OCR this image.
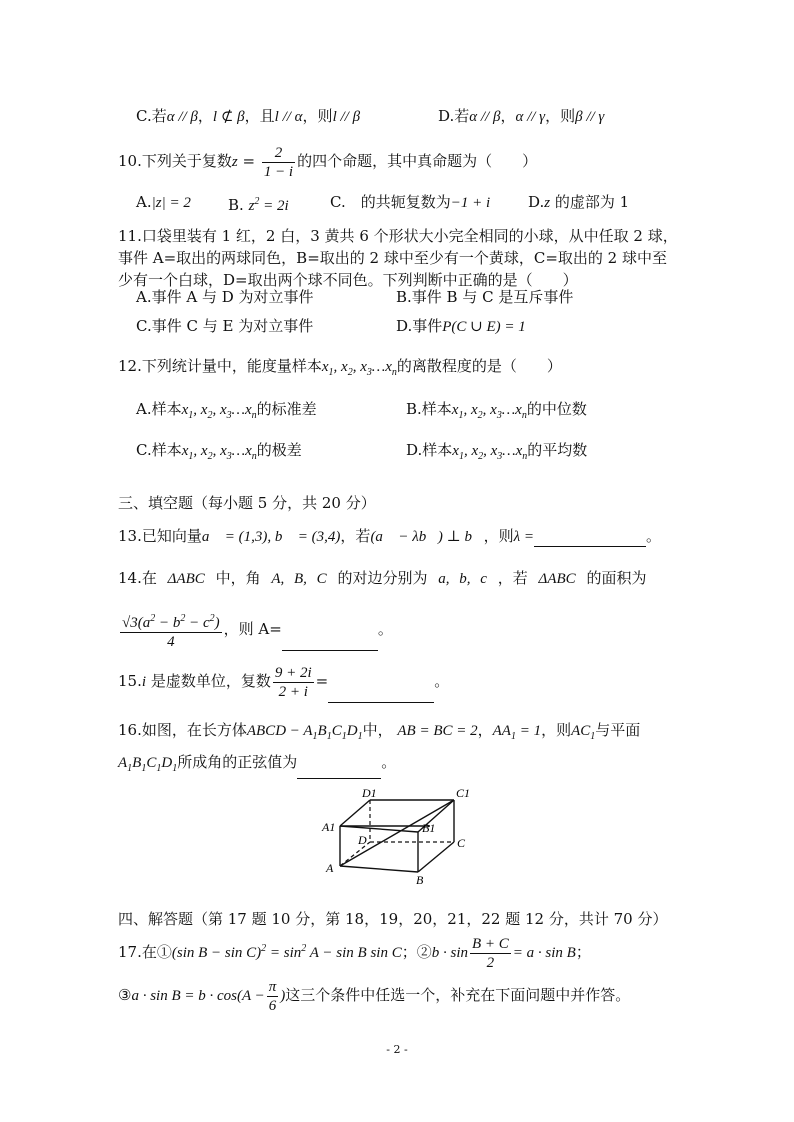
C.若α // β，l ⊄ β，且l // α，则l // β	D.若α // β，α // γ，则β // γ
10.下列关于复数$z = \frac{2}{1 - i}$ 的四个命题，其中真命题为（　　）
A.|z| = 2 B. $z^2 = 2i$	C.　的共轭复数为−1 + i	D.z 的虚部为 1
11.口袋里装有 1 红，2 白，3 黄共 6 个形状大小完全相同的小球，从中任取 2 球，
事件 A=取出的两球同色，B=取出的 2 球中至少有一个黄球，C=取出的 2 球中至
少有一个白球，D=取出两个球不同色。下列判断中正确的是（　　）
A.事件 A 与 D 为对立事件	B.事件 B 与 C 是互斥事件
C.事件 C 与 E 为对立事件	D.事件P(C ∪ E) = 1
12.下列统计量中，能度量样本$x_1$, $x_2$, $x_3\dots x_n$的离散程度的是（　　）
A.样本$x_1$, $x_2$, $x_3\dots x_n$的标准差	B.样本$x_1$, $x_2$, $x_3\dots x_n$的中位数
C.样本$x_1$, $x_2$, $x_3\dots x_n$的极差	D.样本$x_1$, $x_2$, $x_3\dots x_n$的平均数
三、填空题（每小题 5 分，共 20 分）
13.已知向量a⃗ = (1,3), b⃗ = (3,4)，若(a⃗ − λb⃗) ⊥ b⃗，则λ =	。
14.在 ΔABC 中，角 A, B, C 的对边分别为 a, b, c ，若 ΔABC 的面积为
$\frac{√3(a^2 - b^2 - c^2)}{4}$ ，则 A=	。
15.i 是虚数单位，复数 $\frac{9 + 2i}{2 + i}$ =	。
16.如图，在长方体ABCD − $A_1B_1C_1D_1$中， AB = BC = 2，$AA_1 = 1$，则$AC_1$与平面
$A_1B_1C_1D_1$所成角的正弦值为	。
D1	C1
A1	B1
D	C
A
B
四、解答题（第 17 题 10 分，第 18，19，20，21，22 题 12 分，共计 70 分）
17.在①(sin $B - \sin C)^2 = \sin^2 A - \sin B$ sin C；②b · $\sin \frac{B + C}{2} = a \cdot \sin B$；
③a · $\sin B = b \cdot \cos(A - \frac{\pi}{6}$ )这三个条件中任选一个，补充在下面问题中并作答。
- 2 -
